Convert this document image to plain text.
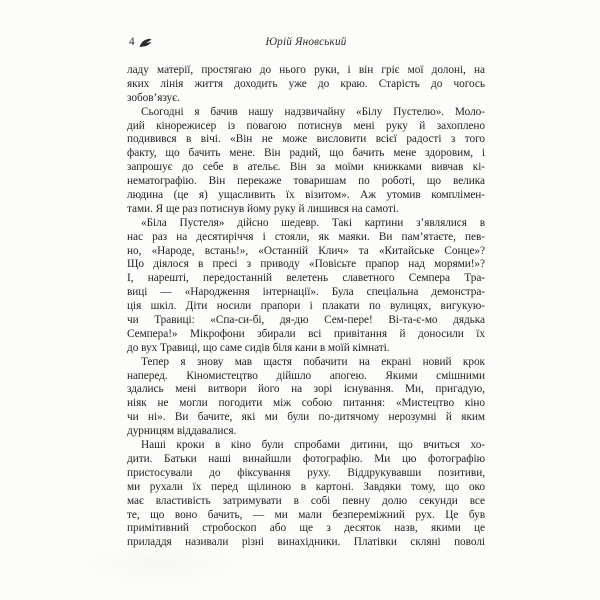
4	Юрій Яновський
ладу матерії, простягаю до нього руки, і він гріє мої долоні, на
яких лінія життя доходить уже до краю. Старість до чогось
зобов’язує.
Сьогодні я бачив нашу надзвичайну «Білу Пустелю». Моло-
дий кінорежисер із повагою потиснув мені руку й захоплено
подивився в вічі. «Він не може висловити всієї радості з того
факту, що бачить мене. Він радий, що бачить мене здоровим, і
запрошує до себе в ательє. Він за моїми книжками вивчав кі-
нематографію. Він перекаже товаришам по роботі, що велика
людина (це я) ущасливить їх візитом». Аж утомив комплімен-
тами. Я ще раз потиснув йому руку й лишився на самоті.
«Біла Пустеля» дійсно шедевр. Такі картини з’являлися в
нас раз на десятиріччя і стояли, як маяки. Ви пам’ятаєте, пев-
но, «Народе, встань!», «Останній Клич» та «Китайське Сонце»?
Що діялося в пресі з приводу «Повісьте прапор над морями!»?
І, нарешті, передостанній велетень славетного Семпера Тра-
виці — «Народження інтернації». Була спеціальна демонстра-
ція шкіл. Діти носили прапори і плакати по вулицях, вигукую-
чи Травиці: «Спа-си-бі, дя-дю Сем-пере! Ві-та-є-мо дядька
Семпера!» Мікрофони збирали всі привітання й доносили їх
до вух Травиці, що саме сидів біля кани в моїй кімнаті.
Тепер я знову мав щастя побачити на екрані новий крок
наперед. Кіномистецтво дійшло апогею. Якими смішними
здались мені витвори його на зорі існування. Ми, пригадую,
ніяк не могли погодити між собою питання: «Мистецтво кіно
чи ні». Ви бачите, які ми були по-дитячому нерозумні й яким
дурницям віддавалися.
Наші кроки в кіно були спробами дитини, що вчиться хо-
дити. Батьки наші винайшли фотографію. Ми цю фотографію
пристосували до фіксування руху. Віддрукувавши позитиви,
ми рухали їх перед щілиною в картоні. Завдяки тому, що око
має властивість затримувати в собі певну долю секунди все
те, що воно бачить, — ми мали безпереміжний рух. Це був
примітивний стробоскоп або ще з десяток назв, якими це
приладдя називали різні винахідники. Платівки скляні поволі
